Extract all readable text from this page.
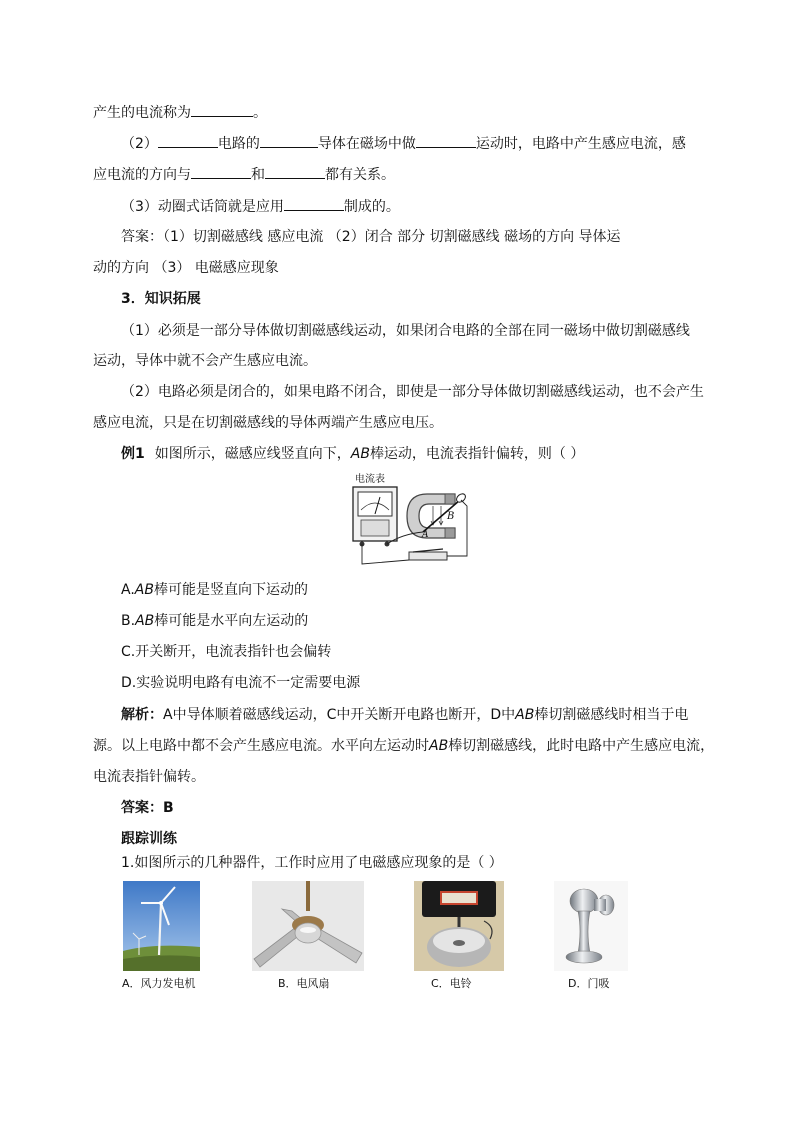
产生的电流称为	。
（2）	电路的	导体在磁场中做	运动时，电路中产生感应电流，感
应电流的方向与	和	都有关系。
（3）动圈式话筒就是应用	制成的。
答案：（1）切割磁感线 感应电流 （2）闭合 部分 切割磁感线 磁场的方向 导体运
动的方向 （3） 电磁感应现象
3．知识拓展
（1）必须是一部分导体做切割磁感线运动，如果闭合电路的全部在同一磁场中做切割磁感线
运动，导体中就不会产生感应电流。
（2）电路必须是闭合的，如果电路不闭合，即使是一部分导体做切割磁感线运动，也不会产生
感应电流，只是在切割磁感线的导体两端产生感应电压。
例1 如图所示，磁感应线竖直向下，AB棒运动，电流表指针偏转，则（ ）
电流表
B
A
A.AB棒可能是竖直向下运动的
B.AB棒可能是水平向左运动的
C.开关断开，电流表指针也会偏转
D.实验说明电路有电流不一定需要电源
解析：A中导体顺着磁感线运动，C中开关断开电路也断开，D中AB棒切割磁感线时相当于电
源。以上电路中都不会产生感应电流。水平向左运动时AB棒切割磁感线，此时电路中产生感应电流，
电流表指针偏转。
答案：B
跟踪训练
1.如图所示的几种器件，工作时应用了电磁感应现象的是（ ）
A．风力发电机	B．电风扇	C．电铃	D．门吸
